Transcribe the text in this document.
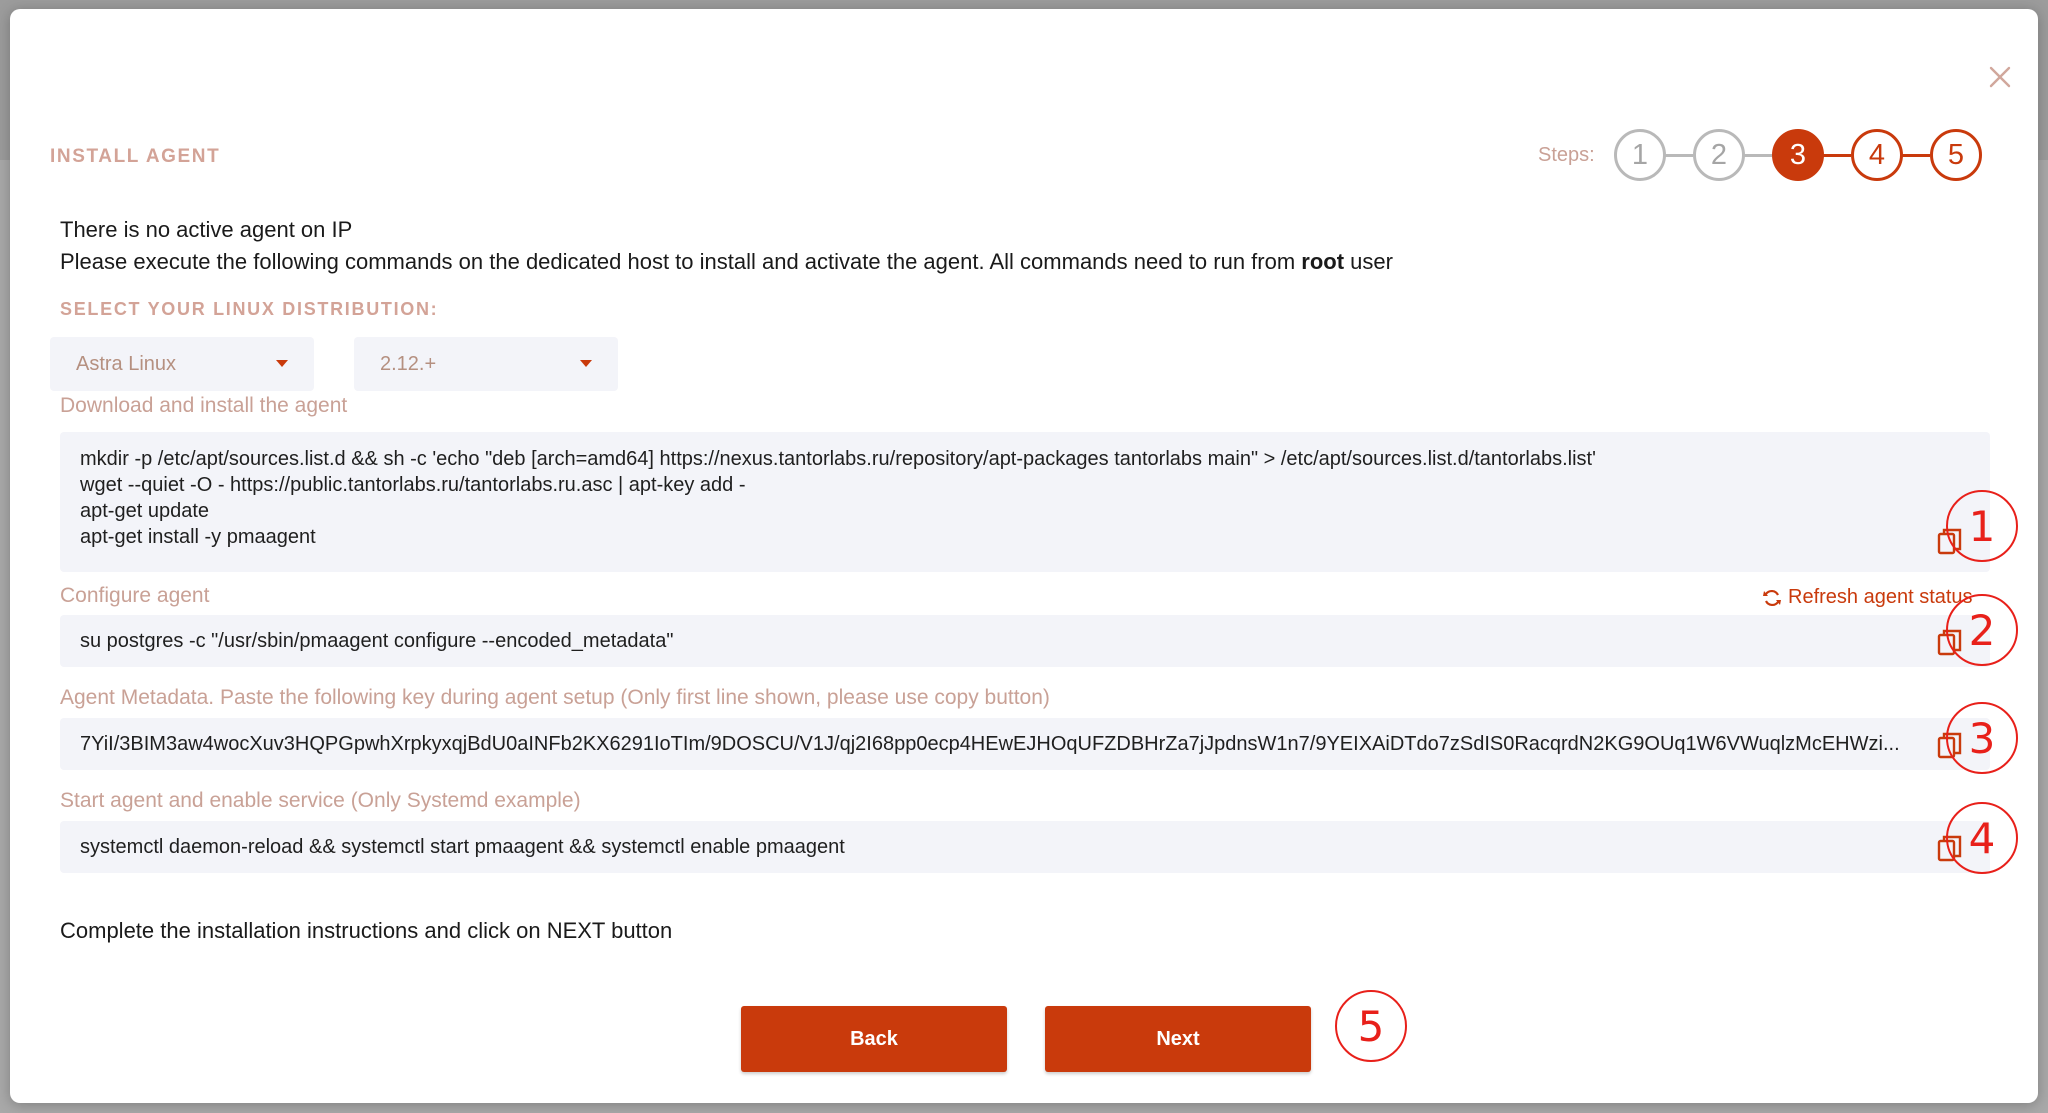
INSTALL AGENT	Steps:	1	2	3	4	5
There is no active agent on IP
Please execute the following commands on the dedicated host to install and activate the agent. All commands need to run from root user
SELECT YOUR LINUX DISTRIBUTION:
Astra Linux	2.12.+
Download and install the agent
mkdir -p /etc/apt/sources.list.d && sh -c 'echo "deb [arch=amd64] https://nexus.tantorlabs.ru/repository/apt-packages tantorlabs main" > /etc/apt/sources.list.d/tantorlabs.list'
wget --quiet -O - https://public.tantorlabs.ru/tantorlabs.ru.asc | apt-key add -
apt-get update
apt-get install -y pmaagent
Configure agent	Refresh agent status
su postgres -c "/usr/sbin/pmaagent configure --encoded_metadata"
Agent Metadata. Paste the following key during agent setup (Only first line shown, please use copy button)
7YiI/3BIM3aw4wocXuv3HQPGpwhXrpkyxqjBdU0aINFb2KX6291IoTIm/9DOSCU/V1J/qj2I68pp0ecp4HEwEJHOqUFZDBHrZa7jJpdnsW1n7/9YEIXAiDTdo7zSdIS0RacqrdN2KG9OUq1W6VWuqlzMcEHWzi...
Start agent and enable service (Only Systemd example)
systemctl daemon-reload && systemctl start pmaagent && systemctl enable pmaagent
Complete the installation instructions and click on NEXT button
Back	Next
1
2
3
4
5
